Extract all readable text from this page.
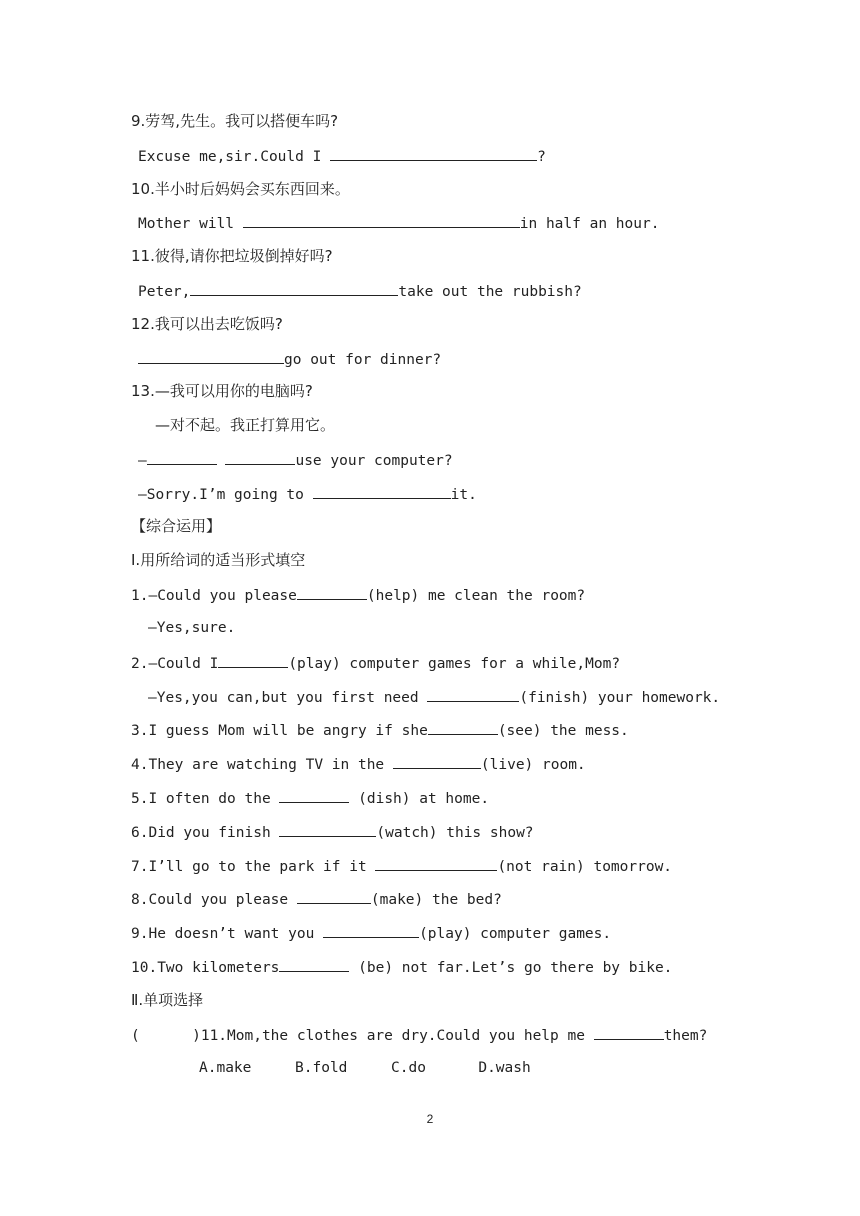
9.劳驾,先生。我可以搭便车吗?
Excuse me,sir.Could I	?
10.半小时后妈妈会买东西回来。
Mother will	in half an hour.
11.彼得,请你把垃圾倒掉好吗?
Peter,	take out the rubbish?
12.我可以出去吃饭吗?
go out for dinner?
13.—我可以用你的电脑吗?
—对不起。我正打算用它。
—	use your computer?
—Sorry.I’m going to	it.
【综合运用】
Ⅰ.用所给词的适当形式填空
1.—Could you please	(help) me clean the room?
—Yes,sure.
2.—Could I	(play) computer games for a while,Mom?
—Yes,you can,but you first need	(finish) your homework.
3.I guess Mom will be angry if she	(see) the mess.
4.They are watching TV in the	(live) room.
5.I often do the	(dish) at home.
6.Did you finish	(watch) this show?
7.I’ll go to the park if it	(not rain) tomorrow.
8.Could you please	(make) the bed?
9.He doesn’t want you	(play) computer games.
10.Two kilometers	(be) not far.Let’s go there by bike.
Ⅱ.单项选择
(      )11.Mom,the clothes are dry.Could you help me	them?
A.make     B.fold     C.do      D.wash
2
